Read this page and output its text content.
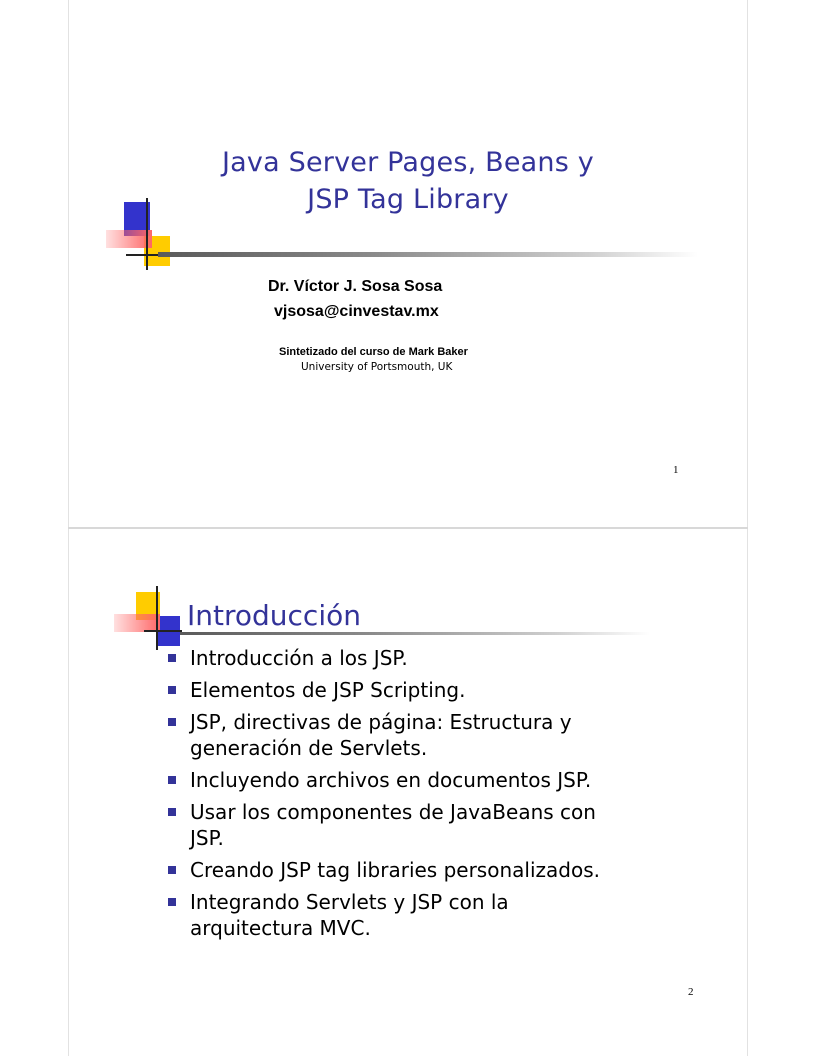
Java Server Pages, Beans y
JSP Tag Library
Dr. Víctor J. Sosa Sosa
vjsosa@cinvestav.mx
Sintetizado del curso de Mark Baker
University of Portsmouth, UK
1
Introducción
Introducción a los JSP.
Elementos de JSP Scripting.
JSP, directivas de página: Estructura y
generación de Servlets.
Incluyendo archivos en documentos JSP.
Usar los componentes de JavaBeans con
JSP.
Creando JSP tag libraries personalizados.
Integrando Servlets y JSP con la
arquitectura MVC.
2
